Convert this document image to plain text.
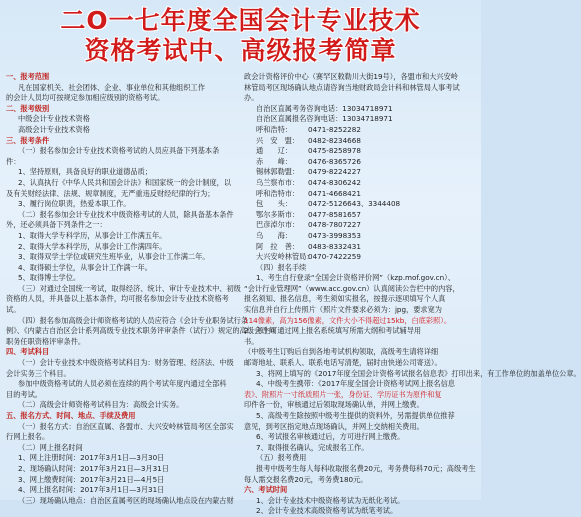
二O一七年度全国会计专业技术
资格考试中、高级报考简章
一、报考范围
凡在国家机关、社会团体、企业、事业单位和其他组织工作
的会计人员均可按规定参加相应级别的资格考试。
二、报考级别
中级会计专业技术资格
高级会计专业技术资格
三、报考条件
（一）报名参加会计专业技术资格考试的人员应具备下列基本条
件：
1、坚持原则，具备良好的职业道德品质；
2、认真执行《中华人民共和国会计法》和国家统一的会计制度，以
及有关财经法律、法规、规章制度，无严重违反财经纪律的行为；
3、履行岗位职责，热爱本职工作。
（二）报名参加会计专业技术中级资格考试的人员，除具备基本条件
外，还必须具备下列条件之一：
1、取得大学专科学历，从事会计工作满五年。
2、取得大学本科学历，从事会计工作满四年。
3、取得双学士学位或研究生班毕业，从事会计工作满二年。
4、取得硕士学位，从事会计工作满一年。
5、取得博士学位。
（三）对通过全国统一考试，取得经济、统计、审计专业技术中、初级
资格的人员，并具备以上基本条件，均可报名参加会计专业技术资格考
试。
（四）报名参加高级会计师资格考试的人员应符合《会计专业职务试行条
例》、《内蒙古自治区会计系列高级专业技术职务评审条件（试行）》规定的高级会计师
职务任职资格评审条件。
四、考试科目
（一）会计专业技术中级资格考试科目为：财务管理、经济法、中级
会计实务三个科目。
参加中级资格考试的人员必须在连续的两个考试年度内通过全部科
目的考试。
（二）高级会计师资格考试科目为：高级会计实务。
五、报名方式、时间、地点、手续及费用
（一）报名方式：自治区直属、各盟市、大兴安岭林管局考区全部实
行网上报名。
（二）网上报名时间
1、网上注册时间：2017年3月1日—3月30日
2、现场确认时间：2017年3月21日—3月31日
3、网上缴费时间：2017年3月21日—4月5日
4、网上报名时间：2017年3月1日—3月31日
（三）现场确认地点：自治区直属考区的现场确认地点设在内蒙古财
政会计资格评价中心（赛罕区敕勒川大街19号），各盟市和大兴安岭
林管局考区现场确认地点请咨询当地财政局会计科和林管局人事考试
办。
自治区直属考务咨询电话：13034718971
自治区直属报名咨询电话：13034718971
呼和浩特：	0471-8252282
兴　安　盟：	0482-8234668
通　　辽：	0475-8258978
赤　　峰：	0476-8365726
锡林郭勒盟：	0479-8224227
乌兰察布市：	0474-8306242
呼和浩特市：	0471-4668421
包　　头：	0472-5126643、3344408
鄂尔多斯市：	0477-8581657
巴彦淖尔市：	0478-7807227
乌　　海：	0473-3998353
阿　拉　善：	0483-8332431
大兴安岭林管局：
0470-7422259
（四）报名手续
1、考生自行登录“全国会计资格评价网”（kzp.mof.gov.cn）、
“会计行业管理网”（www.acc.gov.cn）认真阅读公告栏中的内容，
报名须知、报名信息，考生须如实报名，按提示逐项填写个人真
实信息并自行上传照片（照片文件要求必须为：jpg，要求宽为
114像素，高为156像素，文件大小不得超过15kb，白底彩照）。
2、考生可通过网上报名系统填写所需大纲和考试辅导用
书。
（中级考生订购后自到各地考试机构领取，高级考生请将详细
邮寄地址、联系人、联系电话写清楚，届时由快递公司寄送）。
3、将网上填写的《2017年度全国会计资格考试报名信息表》打印出来，有工作单位的加盖单位公章。
4、中级考生携带：《2017年度全国会计资格考试网上报名信息
表》、附照片一寸纸质照片一张，身份证、学历证书为原件和复
印件各一份，审核通过后领取现场确认单，并网上缴费。
5、高级考生除按照中级考生提供的资料外，另需提供单位推荐
意见，到考区指定地点现场确认，并网上交纳相关费用。
6、考试报名审核通过后，方可进行网上缴费。
7、取得报名确认，完成报名工作。
（五）报考费用
报考中级考生每人每科收取报名费20元，考务费每科70元；高级考生
每人需交报名费20元，考务费180元。
六、考试时间
1、会计专业技术中级资格考试为无纸化考试。
2、会计专业技术高级资格考试为纸笔考试。
